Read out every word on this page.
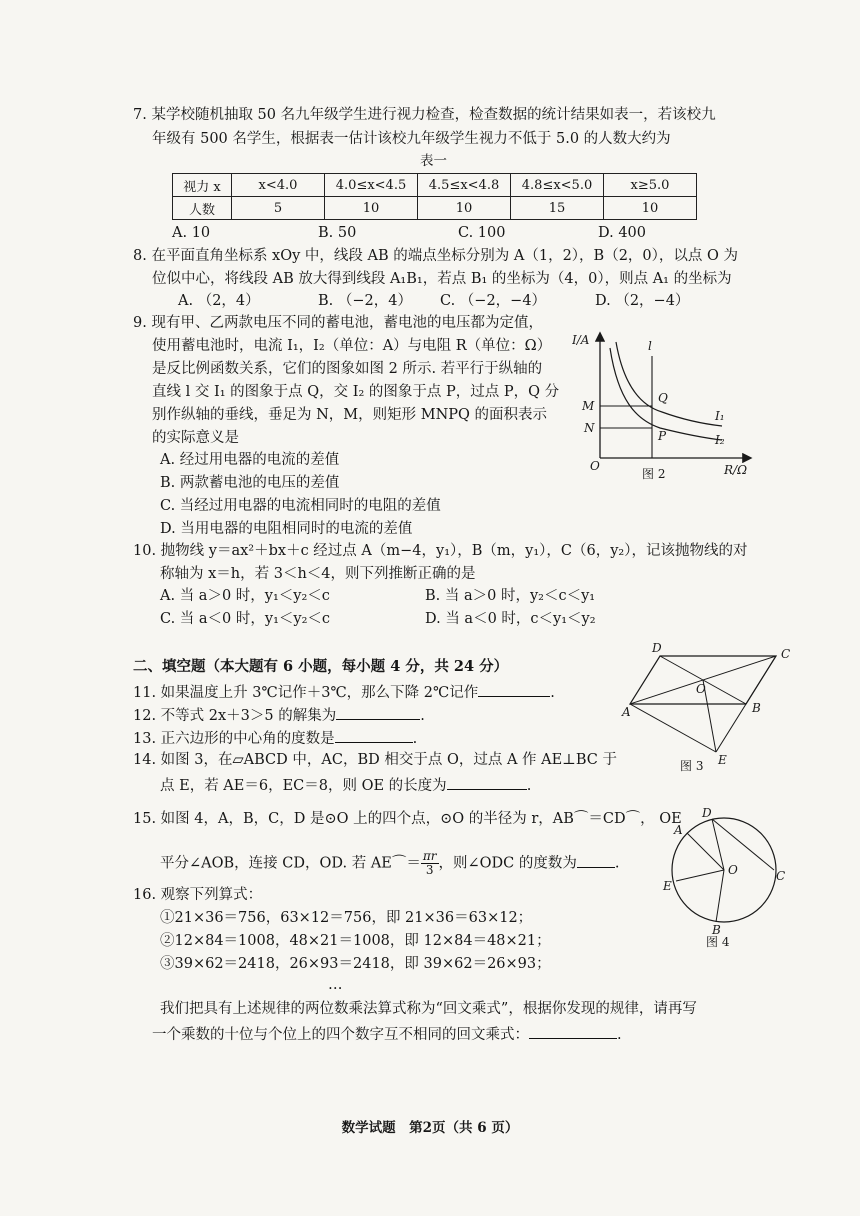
7. 某学校随机抽取 50 名九年级学生进行视力检查，检查数据的统计结果如表一，若该校九
年级有 500 名学生，根据表一估计该校九年级学生视力不低于 5.0 的人数大约为
表一
视力 x	x<4.0	4.0≤x<4.5	4.5≤x<4.8	4.8≤x<5.0	x≥5.0
人数	5	10	10	15	10
A. 10	B. 50	C. 100	D. 400
8. 在平面直角坐标系 xOy 中，线段 AB 的端点坐标分别为 A（1，2），B（2，0），以点 O 为
位似中心，将线段 AB 放大得到线段 A₁B₁，若点 B₁ 的坐标为（4，0），则点 A₁ 的坐标为
A. （2，4）	B. （−2，4） C. （−2，−4）	D. （2，−4）
9. 现有甲、乙两款电压不同的蓄电池，蓄电池的电压都为定值，
使用蓄电池时，电流 I₁，I₂（单位：A）与电阻 R（单位：Ω）
是反比例函数关系，它们的图象如图 2 所示. 若平行于纵轴的
直线 l 交 I₁ 的图象于点 Q，交 I₂ 的图象于点 P，过点 P，Q 分
别作纵轴的垂线，垂足为 N，M，则矩形 MNPQ 的面积表示
的实际意义是
A. 经过用电器的电流的差值
B. 两款蓄电池的电压的差值
C. 当经过用电器的电流相同时的电阻的差值
D. 当用电器的电阻相同时的电流的差值
I/A
R/Ω
O
l
Q
P
M
N
I₁
I₂
图 2
10. 抛物线 y＝ax²＋bx＋c 经过点 A（m−4，y₁），B（m，y₁），C（6，y₂），记该抛物线的对
称轴为 x＝h，若 3＜h＜4，则下列推断正确的是
A. 当 a＞0 时，y₁＜y₂＜c	B. 当 a＞0 时，y₂＜c＜y₁
C. 当 a＜0 时，y₁＜y₂＜c	D. 当 a＜0 时，c＜y₁＜y₂
二、填空题（本大题有 6 小题，每小题 4 分，共 24 分）
11. 如果温度上升 3℃记作＋3℃，那么下降 2℃记作	.
12. 不等式 2x＋3＞5 的解集为	.
13. 正六边形的中心角的度数是	.
14. 如图 3，在▱ABCD 中，AC，BD 相交于点 O，过点 A 作 AE⊥BC 于
点 E，若 AE＝6，EC＝8，则 OE 的长度为	.
D	C
O
A	B
E
图 3
15. 如图 4，A，B，C，D 是⊙O 上的四个点，⊙O 的半径为 r，AB⌒＝CD⌒， OE
平分∠AOB，连接 CD，OD. 若 AE⌒＝ $\frac{\pi r}{3}$ ，则∠ODC 的度数为	.
A
D
O
E
C
B
图 4
16. 观察下列算式：
①21×36＝756，63×12＝756，即 21×36＝63×12；
②12×84＝1008，48×21＝1008，即 12×84＝48×21；
③39×62＝2418，26×93＝2418，即 39×62＝26×93；
…
我们把具有上述规律的两位数乘法算式称为“回文乘式”，根据你发现的规律，请再写
一个乘数的十位与个位上的四个数字互不相同的回文乘式：	.
数学试题　第2页（共 6 页）
